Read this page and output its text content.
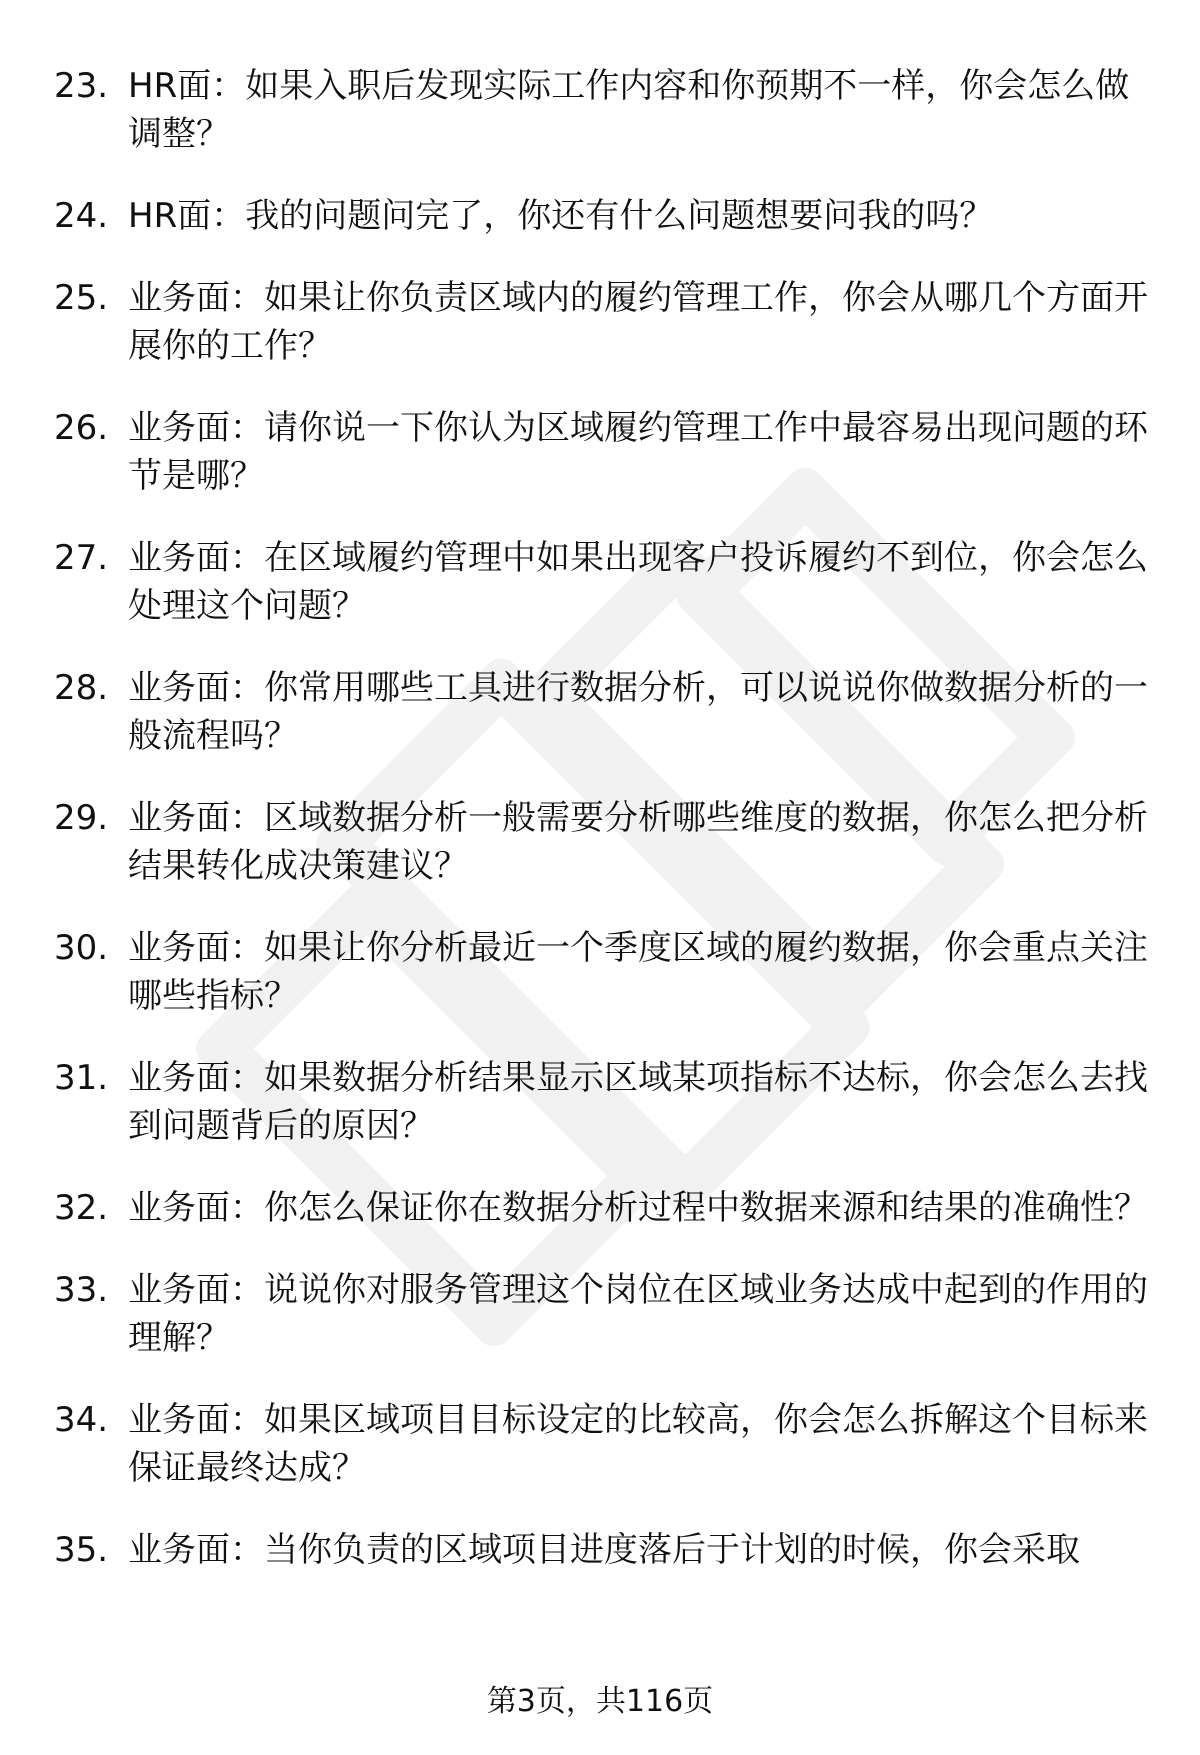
23. HR面：如果入职后发现实际工作内容和你预期不一样，你会怎么做调整？
24. HR面：我的问题问完了，你还有什么问题想要问我的吗？
25. 业务面：如果让你负责区域内的履约管理工作，你会从哪几个方面开展你的工作？
26. 业务面：请你说一下你认为区域履约管理工作中最容易出现问题的环节是哪？
27. 业务面：在区域履约管理中如果出现客户投诉履约不到位，你会怎么处理这个问题？
28. 业务面：你常用哪些工具进行数据分析，可以说说你做数据分析的一般流程吗？
29. 业务面：区域数据分析一般需要分析哪些维度的数据，你怎么把分析结果转化成决策建议？
30. 业务面：如果让你分析最近一个季度区域的履约数据，你会重点关注哪些指标？
31. 业务面：如果数据分析结果显示区域某项指标不达标，你会怎么去找到问题背后的原因？
32. 业务面：你怎么保证你在数据分析过程中数据来源和结果的准确性？
33. 业务面：说说你对服务管理这个岗位在区域业务达成中起到的作用的理解？
34. 业务面：如果区域项目目标设定的比较高，你会怎么拆解这个目标来保证最终达成？
35. 业务面：当你负责的区域项目进度落后于计划的时候，你会采取
第3页，共116页
